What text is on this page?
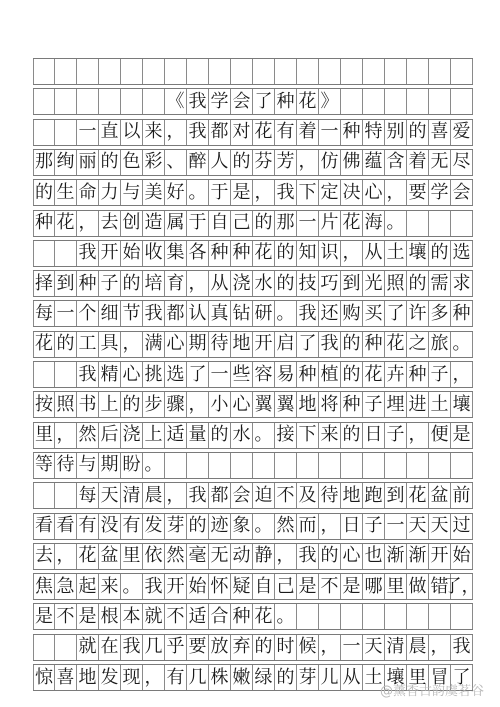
《 我 学 会 了 种 花 》
一 直 以 来 ， 我 都 对 花 有 着 一 种 特 别 的 喜 爱
那 绚 丽 的 色 彩 、 醉 人 的 芬 芳 ， 仿 佛 蕴 含 着 无 尽
的 生 命 力 与 美 好 。 于 是 ， 我 下 定 决 心 ， 要 学 会
种 花 ， 去 创 造 属 于 自 己 的 那 一 片 花 海 。
我 开 始 收 集 各 种 种 花 的 知 识 ， 从 土 壤 的 选
择 到 种 子 的 培 育 ， 从 浇 水 的 技 巧 到 光 照 的 需 求
每 一 个 细 节 我 都 认 真 钻 研 。 我 还 购 买 了 许 多 种
花 的 工 具 ， 满 心 期 待 地 开 启 了 我 的 种 花 之 旅 。
我 精 心 挑 选 了 一 些 容 易 种 植 的 花 卉 种 子 ，
按 照 书 上 的 步 骤 ， 小 心 翼 翼 地 将 种 子 埋 进 土 壤
里 ， 然 后 浇 上 适 量 的 水 。 接 下 来 的 日 子 ， 便 是
等 待 与 期 盼 。
每 天 清 晨 ， 我 都 会 迫 不 及 待 地 跑 到 花 盆 前
看 看 有 没 有 发 芽 的 迹 象 。 然 而 ， 日 子 一 天 天 过
去 ， 花 盆 里 依 然 毫 无 动 静 ， 我 的 心 也 渐 渐 开 始
焦 急 起 来 。 我 开 始 怀 疑 自 己 是 不 是 哪 里 做 错
了，
是 不 是 根 本 就 不 适 合 种 花 。
就 在 我 几 乎 要 放 弃 的 时 候 ， 一 天 清 晨 ， 我
惊 喜 地 发 现 ， 有 几 株 嫩 绿 的 芽 儿 从 土 壤 里 冒 了
@薰香古韵虞茗谷
